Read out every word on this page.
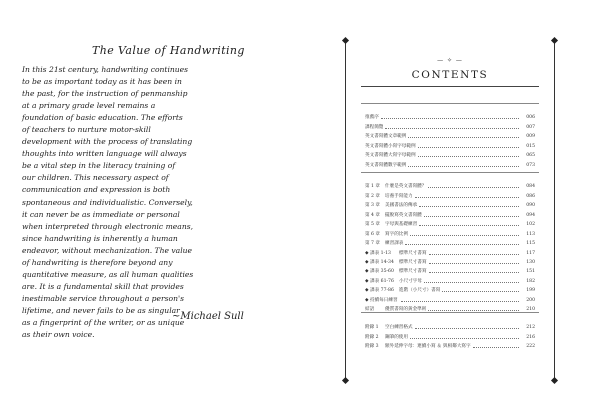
The Value of Handwriting
In this 21st century, handwriting continues
to be as important today as it has been in
the past, for the instruction of penmanship
at a primary grade level remains a
foundation of basic education. The efforts
of teachers to nurture motor-skill
development with the process of translating
thoughts into written language will always
be a vital step in the literacy training of
our children. This necessary aspect of
communication and expression is both
spontaneous and individualistic. Conversely,
it can never be as immediate or personal
when interpreted through electronic means,
since handwriting is inherently a human
endeavor, without mechanization. The value
of handwriting is therefore beyond any
quantitative measure, as all human qualities
are. It is a fundamental skill that provides
inestimable service throughout a person's
lifetime, and never fails to be as singular
as a fingerprint of the writer, or as unique
as their own voice.
~Michael Sull
— ✧ —
CONTENTS
推薦序	006
課程簡覽	007
英文書寫體文章範例	009
英文書寫體小寫字母範例	015
英文書寫體大寫字母範例	065
英文書寫體數字範例	073
第 1 章	什麼是英文書寫體？	084
第 2 章	培養手寫能力	086
第 3 章	美國書法的傳承	090
第 4 章	擺脫寫英文書寫體	094
第 5 章	字母與基礎練習	102
第 6 章	寫字的比例	113
第 7 章	練習課表	115
◆ 課表 1-13	標準尺寸書寫	117
◆ 課表 14-34	標準尺寸書寫	130
◆ 課表 35-60	標準尺寸書寫	151
◆ 課表 61-76	小尺寸字母	182
◆ 課表 77-86	進階（小尺寸）書寫	199
◆ 持續每日練習	200
結語	優質書寫的黃金準則	210
附錄 1	空白練習格式	212
附錄 2	鋼筆的使用	216
附錄 3	額外延伸字母：連續小寫 ＆ 與相鄰大寫字	222
